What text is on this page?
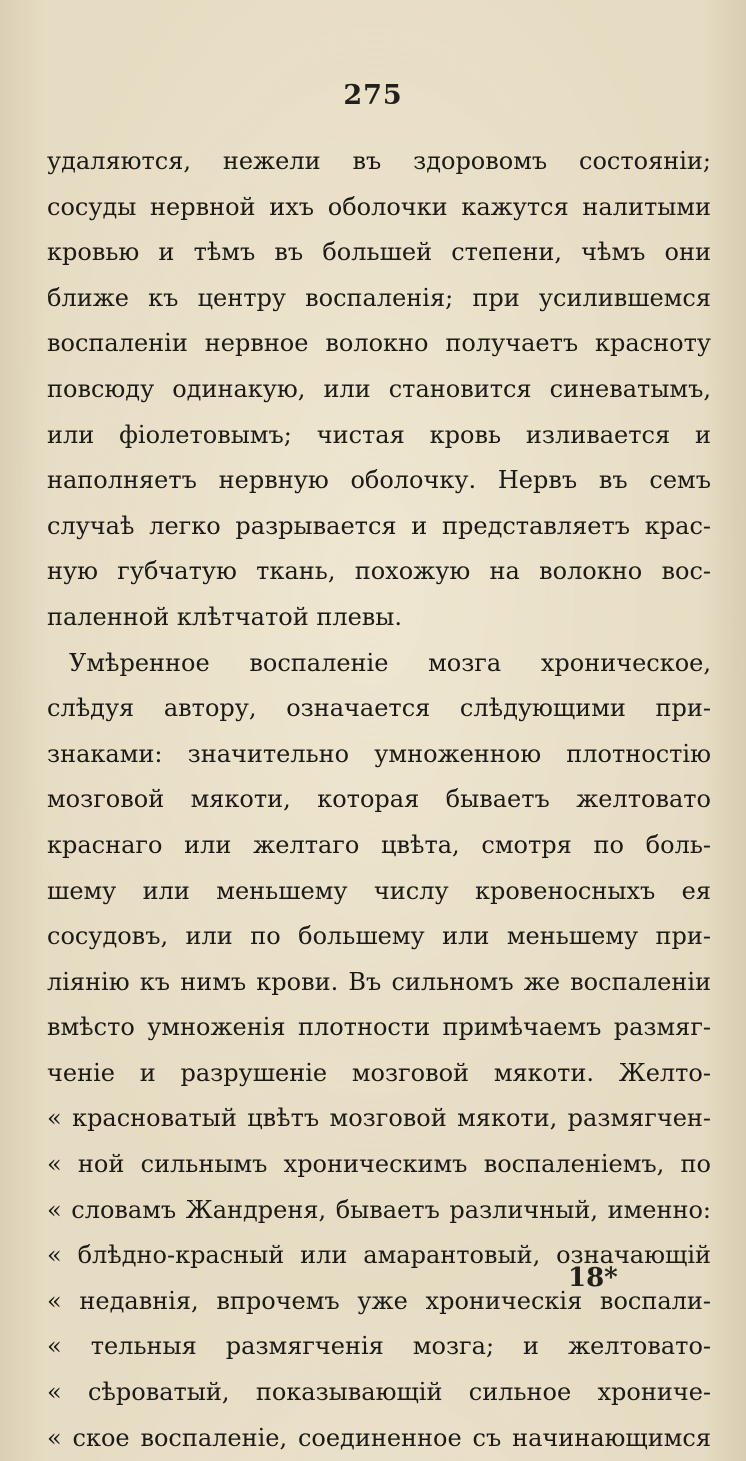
275
удаляются, нежели въ здоровомъ состоянiи;
сосуды нервной ихъ оболочки кажутся налитыми
кровью и тѣмъ въ большей степени, чѣмъ они
ближе къ центру воспаленiя; при усилившемся
воспаленiи нервное волокно получаетъ красноту
повсюду одинакую, или становится синеватымъ,
или фiолетовымъ; чистая кровь изливается и
наполняетъ нервную оболочку. Нервъ въ семъ
случаѣ легко разрывается и представляетъ крас-
ную губчатую ткань, похожую на волокно вос-
паленной клѣтчатой плевы.
Умѣренное воспаленiе мозга хроническое,
слѣдуя автору, означается слѣдующими при-
знаками: значительно умноженною плотностiю
мозговой мякоти, которая бываетъ желтовато
краснаго или желтаго цвѣта, смотря по боль-
шему или меньшему числу кровеносныхъ ея
сосудовъ, или по большему или меньшему при-
лiянiю къ нимъ крови. Въ сильномъ же воспаленiи
вмѣсто умноженiя плотности примѣчаемъ размяг-
ченiе и разрушенiе мозговой мякоти. Желто-
« красноватый цвѣтъ мозговой мякоти, размягчен-
« ной сильнымъ хроническимъ воспаленiемъ, по
« словамъ Жандреня, бываетъ различный, именно:
« блѣдно-красный или амарантовый, означающiй
« недавнiя, впрочемъ уже хроническiя воспали-
« тельныя размягченiя мозга; и желтовато-
« сѣроватый, показывающiй сильное хрониче-
« ское воспаленiе, соединенное съ начинающимся
18*
